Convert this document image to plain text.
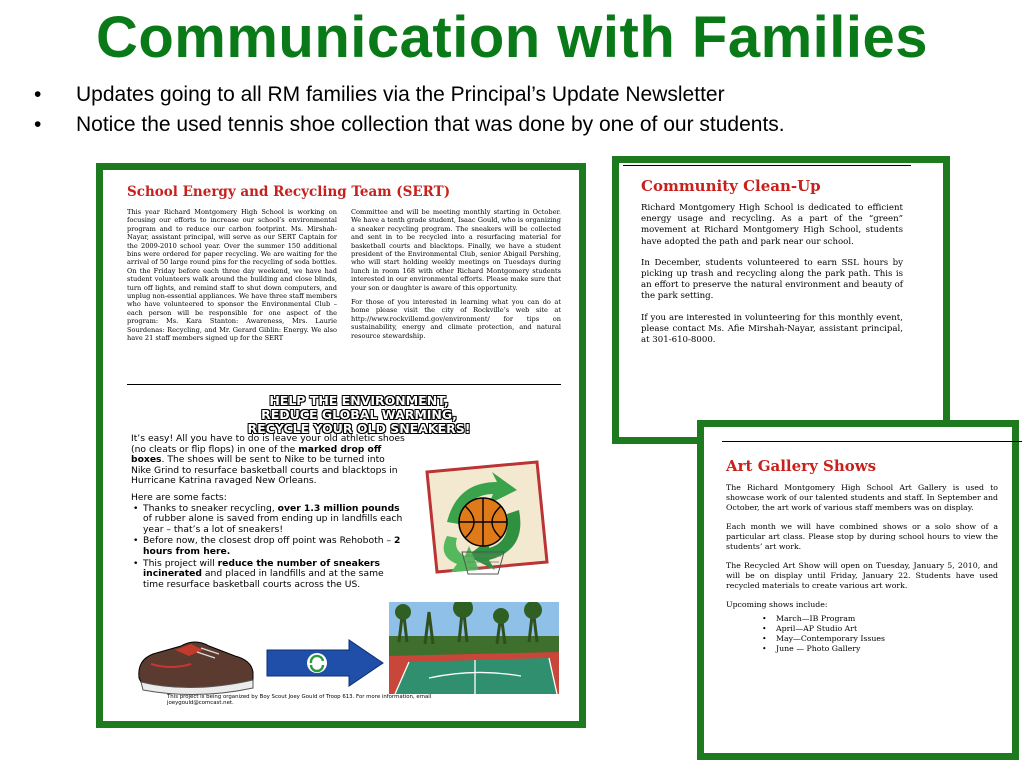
Communication with Families
• Updates going to all RM families via the Principal’s Update Newsletter
• Notice the used tennis shoe collection that was done by one of our students.
School Energy and Recycling Team (SERT)

This year Richard Montgomery High School is working on focusing our efforts to increase our school’s environmental program and to reduce our carbon footprint. Ms. Mirshah-Nayar, assistant principal, will serve as our SERT Captain for the 2009-2010 school year. Over the summer 150 additional bins were ordered for paper recycling. We are waiting for the arrival of 50 large round pins for the recycling of soda bottles. On the Friday before each three day weekend, we have had student volunteers walk around the building and close blinds, turn off lights, and remind staff to shut down computers, and unplug non-essential appliances. We have three staff members who have volunteered to sponsor the Environmental Club – each person will be responsible for one aspect of the program: Ms. Kara Stanton: Awareness, Mrs. Laurie Sourdenas: Recycling, and Mr. Gerard Giblin: Energy. We also have 21 staff members signed up for the SERT

Committee and will be meeting monthly starting in October. We have a tenth grade student, Isaac Gould, who is organizing a sneaker recycling program. The sneakers will be collected and sent in to be recycled into a resurfacing material for basketball courts and blacktops. Finally, we have a student president of the Environmental Club, senior Abigail Pershing, who will start holding weekly meetings on Tuesdays during lunch in room 168 with other Richard Montgomery students interested in our environmental efforts. Please make sure that your son or daughter is aware of this opportunity.

For those of you interested in learning what you can do at home please visit the city of Rockville’s web site at http://www.rockvillemd.gov/environment/ for tips on sustainability, energy and climate protection, and natural resource stewardship.

HELP THE ENVIRONMENT,
REDUCE GLOBAL WARMING,
RECYCLE YOUR OLD SNEAKERS!

It’s easy! All you have to do is leave your old athletic shoes (no cleats or flip flops) in one of the marked drop off boxes. The shoes will be sent to Nike to be turned into Nike Grind to resurface basketball courts and blacktops in Hurricane Katrina ravaged New Orleans.

Here are some facts:
• Thanks to sneaker recycling, over 1.3 million pounds of rubber alone is saved from ending up in landfills each year – that’s a lot of sneakers!
• Before now, the closest drop off point was Rehoboth – 2 hours from here.
• This project will reduce the number of sneakers incinerated and placed in landfills and at the same time resurface basketball courts across the US.
This project is being organized by Boy Scout Joey Gould of Troop 613. For more information, email joeygould@comcast.net.
Community Clean-Up

Richard Montgomery High School is dedicated to efficient energy usage and recycling. As a part of the “green” movement at Richard Montgomery High School, students have adopted the path and park near our school.

In December, students volunteered to earn SSL hours by picking up trash and recycling along the park path. This is an effort to preserve the natural environment and beauty of the park setting.

If you are interested in volunteering for this monthly event, please contact Ms. Afie Mirshah-Nayar, assistant principal, at 301-610-8000.

Art Gallery Shows

The Richard Montgomery High School Art Gallery is used to showcase work of our talented students and staff. In September and October, the art work of various staff members was on display.

Each month we will have combined shows or a solo show of a particular art class. Please stop by during school hours to view the students’ art work.

The Recycled Art Show will open on Tuesday, January 5, 2010, and will be on display until Friday, January 22. Students have used recycled materials to create various art work.

Upcoming shows include:
• March—IB Program
• April—AP Studio Art
• May—Contemporary Issues
• June — Photo Gallery
